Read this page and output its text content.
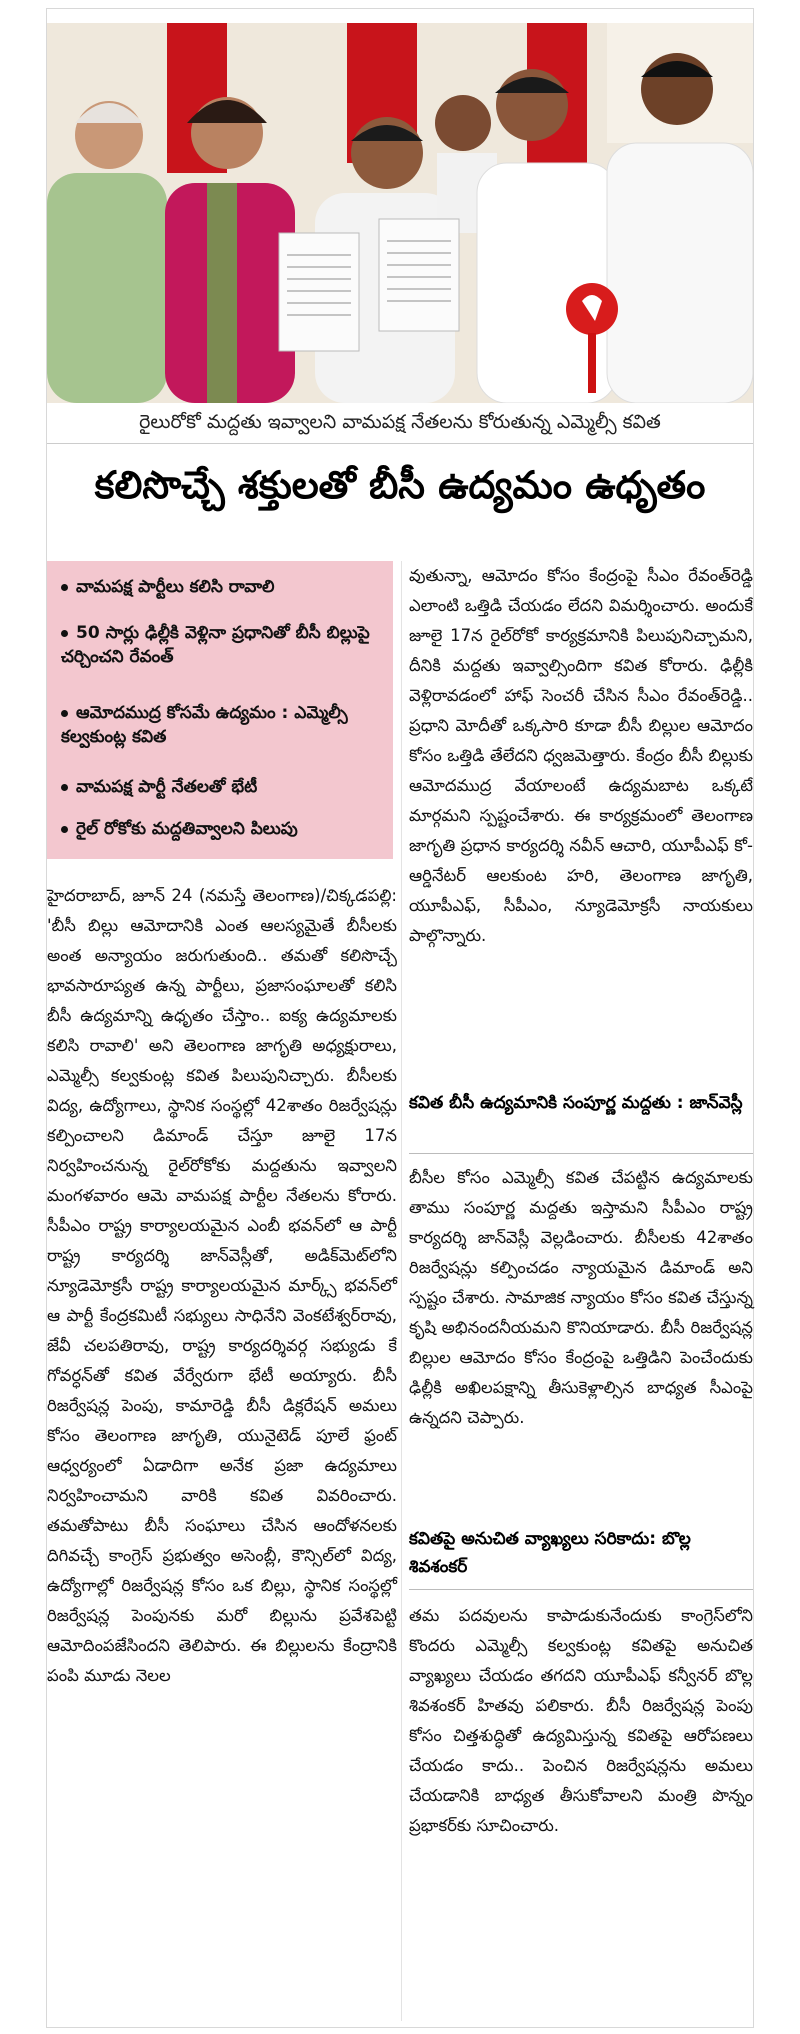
రైలురోకో మద్దతు ఇవ్వాలని వామపక్ష నేతలను కోరుతున్న ఎమ్మెల్సీ కవిత
కలిసొచ్చే శక్తులతో బీసీ ఉద్యమం ఉధృతం
వామపక్ష పార్టీలు కలిసి రావాలి
50 సార్లు ఢిల్లీకి వెళ్లినా ప్రధానితో బీసీ బిల్లుపై చర్చించని రేవంత్
ఆమోదముద్ర కోసమే ఉద్యమం : ఎమ్మెల్సీ కల్వకుంట్ల కవిత
వామపక్ష పార్టీ నేతలతో భేటీ
రైల్ రోకోకు మద్దతివ్వాలని పిలుపు

హైదరాబాద్, జూన్ 24 (నమస్తే తెలంగాణ)/చిక్కడపల్లి: 'బీసీ బిల్లు ఆమోదానికి ఎంత ఆలస్యమైతే బీసీలకు అంత అన్యాయం జరుగుతుంది.. తమతో కలిసొచ్చే భావసారూప్యత ఉన్న పార్టీలు, ప్రజాసంఘాలతో కలిసి బీసీ ఉద్యమాన్ని ఉధృతం చేస్తాం.. ఐక్య ఉద్యమాలకు కలిసి రావాలి' అని తెలంగాణ జాగృతి అధ్యక్షురాలు, ఎమ్మెల్సీ కల్వకుంట్ల కవిత పిలుపునిచ్చారు. బీసీలకు విద్య, ఉద్యోగాలు, స్థానిక సంస్థల్లో 42శాతం రిజర్వేషన్లు కల్పించాలని డిమాండ్ చేస్తూ జూలై 17న నిర్వహించనున్న రైల్‌రోకోకు మద్దతును ఇవ్వాలని మంగళవారం ఆమె వామపక్ష పార్టీల నేతలను కోరారు. సీపీఎం రాష్ట్ర కార్యాలయమైన ఎంబీ భవన్‌లో ఆ పార్టీ రాష్ట్ర కార్యదర్శి జాన్‌వెస్లీతో, అడిక్‌మెట్‌లోని న్యూడెమోక్రసీ రాష్ట్ర కార్యాలయమైన మార్క్స్ భవన్‌లో ఆ పార్టీ కేంద్రకమిటీ సభ్యులు సాధినేని వెంకటేశ్వర్‌రావు, జేవీ చలపతిరావు, రాష్ట్ర కార్యదర్శివర్గ సభ్యుడు కే గోవర్ధన్‌తో కవిత వేర్వేరుగా భేటీ అయ్యారు. బీసీ రిజర్వేషన్ల పెంపు, కామారెడ్డి బీసీ డిక్లరేషన్ అమలు కోసం తెలంగాణ జాగృతి, యునైటెడ్ పూలే ఫ్రంట్ ఆధ్వర్యంలో ఏడాదిగా అనేక ప్రజా ఉద్యమాలు నిర్వహించామని వారికి కవిత వివరించారు. తమతోపాటు బీసీ సంఘాలు చేసిన ఆందోళనలకు దిగివచ్చే కాంగ్రెస్ ప్రభుత్వం అసెంబ్లీ, కౌన్సిల్‌లో విద్య, ఉద్యోగాల్లో రిజర్వేషన్ల కోసం ఒక బిల్లు, స్థానిక సంస్థల్లో రిజర్వేషన్ల పెంపునకు మరో బిల్లును ప్రవేశపెట్టి ఆమోదింపజేసిందని తెలిపారు. ఈ బిల్లులను కేంద్రానికి పంపి మూడు నెలల

వుతున్నా, ఆమోదం కోసం కేంద్రంపై సీఎం రేవంత్‌రెడ్డి ఎలాంటి ఒత్తిడి చేయడం లేదని విమర్శించారు. అందుకే జూలై 17న రైల్‌రోకో కార్యక్రమానికి పిలుపునిచ్చామని, దీనికి మద్దతు ఇవ్వాల్సిందిగా కవిత కోరారు. ఢిల్లీకి వెళ్లిరావడంలో హాఫ్ సెంచరీ చేసిన సీఎం రేవంత్‌రెడ్డి.. ప్రధాని మోదీతో ఒక్కసారి కూడా బీసీ బిల్లుల ఆమోదం కోసం ఒత్తిడి తేలేదని ధ్వజమెత్తారు. కేంద్రం బీసీ బిల్లుకు ఆమోదముద్ర వేయాలంటే ఉద్యమబాట ఒక్కటే మార్గమని స్పష్టంచేశారు. ఈ కార్యక్రమంలో తెలంగాణ జాగృతి ప్రధాన కార్యదర్శి నవీన్ ఆచారి, యూపీఎఫ్ కో-ఆర్డినేటర్ ఆలకుంట హరి, తెలంగాణ జాగృతి, యూపీఎఫ్, సీపీఎం, న్యూడెమోక్రసీ నాయకులు పాల్గొన్నారు.

కవిత బీసీ ఉద్యమానికి సంపూర్ణ మద్దతు : జాన్‌వెస్లీ

బీసీల కోసం ఎమ్మెల్సీ కవిత చేపట్టిన ఉద్యమాలకు తాము సంపూర్ణ మద్దతు ఇస్తామని సీపీఎం రాష్ట్ర కార్యదర్శి జాన్‌వెస్లీ వెల్లడించారు. బీసీలకు 42శాతం రిజర్వేషన్లు కల్పించడం న్యాయమైన డిమాండ్ అని స్పష్టం చేశారు. సామాజిక న్యాయం కోసం కవిత చేస్తున్న కృషి అభినందనీయమని కొనియాడారు. బీసీ రిజర్వేషన్ల బిల్లుల ఆమోదం కోసం కేంద్రంపై ఒత్తిడిని పెంచేందుకు ఢిల్లీకి అఖిలపక్షాన్ని తీసుకెళ్లాల్సిన బాధ్యత సీఎంపై ఉన్నదని చెప్పారు.

కవితపై అనుచిత వ్యాఖ్యలు సరికాదు: బొల్ల శివశంకర్

తమ పదవులను కాపాడుకునేందుకు కాంగ్రెస్‌లోని కొందరు ఎమ్మెల్సీ కల్వకుంట్ల కవితపై అనుచిత వ్యాఖ్యలు చేయడం తగదని యూపీఎఫ్ కన్వీనర్ బొల్ల శివశంకర్ హితవు పలికారు. బీసీ రిజర్వేషన్ల పెంపు కోసం చిత్తశుద్ధితో ఉద్యమిస్తున్న కవితపై ఆరోపణలు చేయడం కాదు.. పెంచిన రిజర్వేషన్లను అమలు చేయడానికి బాధ్యత తీసుకోవాలని మంత్రి పొన్నం ప్రభాకర్‌కు సూచించారు.
